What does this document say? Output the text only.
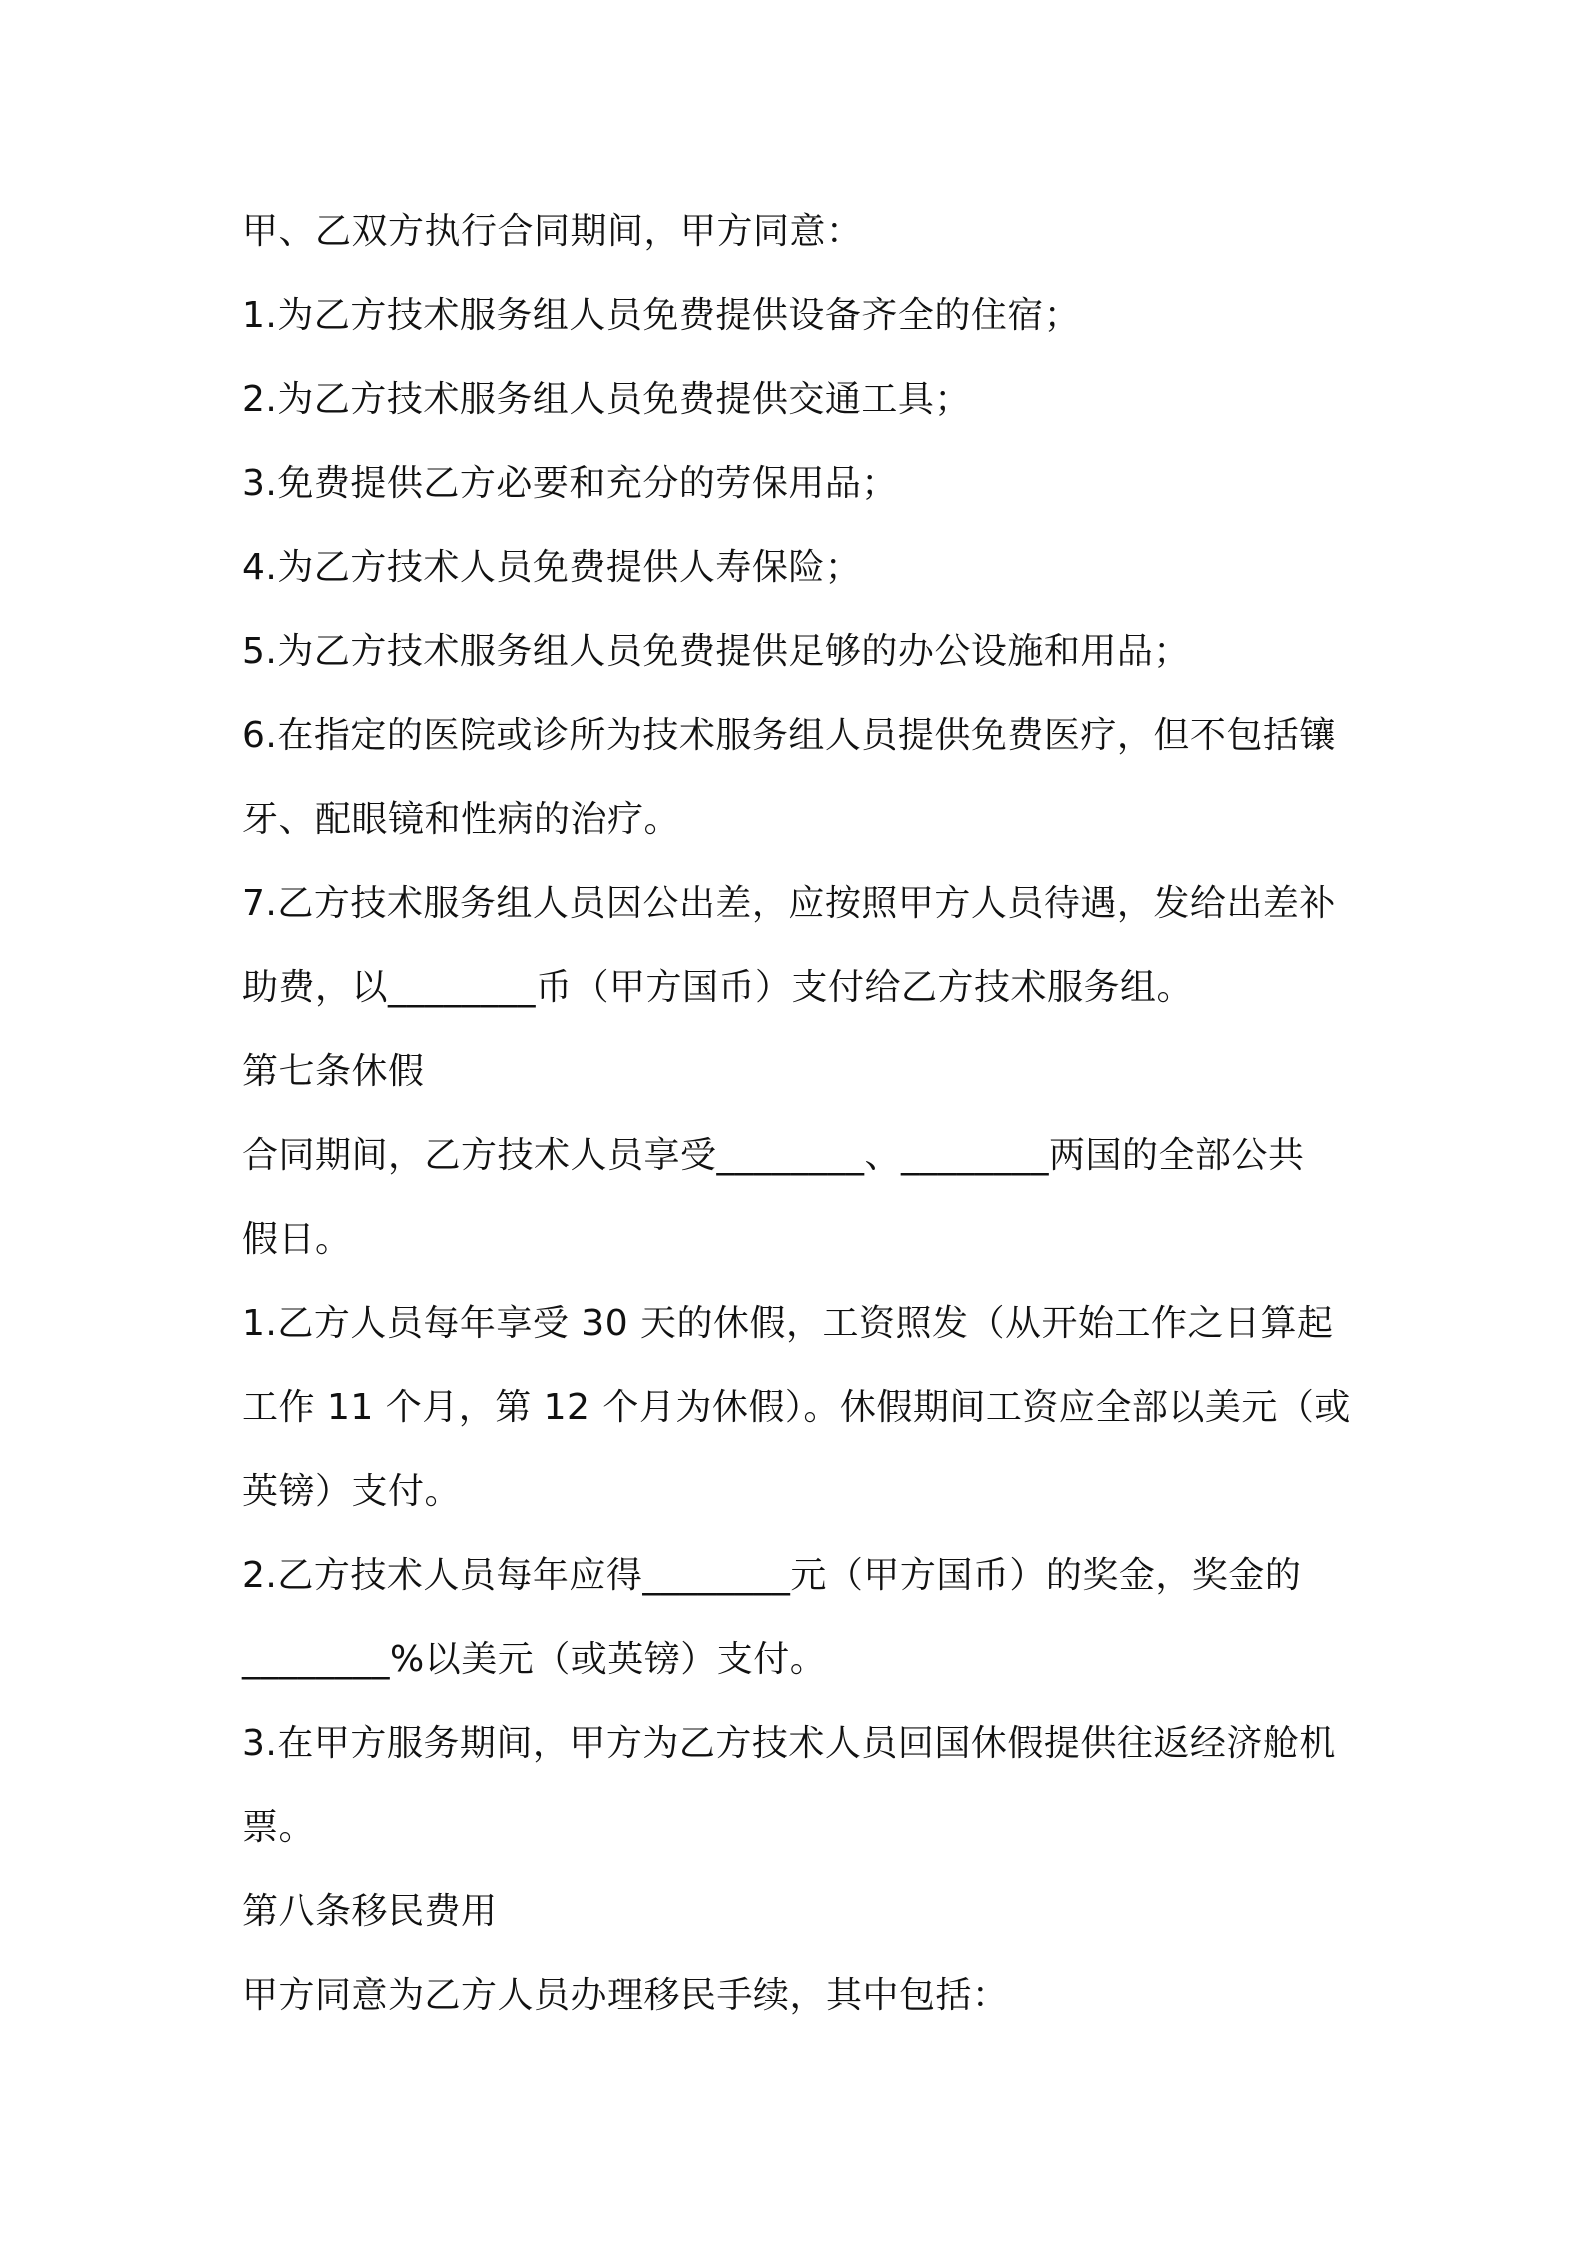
甲、乙双方执行合同期间，甲方同意：
1.为乙方技术服务组人员免费提供设备齐全的住宿；
2.为乙方技术服务组人员免费提供交通工具；
3.免费提供乙方必要和充分的劳保用品；
4.为乙方技术人员免费提供人寿保险；
5.为乙方技术服务组人员免费提供足够的办公设施和用品；
6.在指定的医院或诊所为技术服务组人员提供免费医疗，但不包括镶
牙、配眼镜和性病的治疗。
7.乙方技术服务组人员因公出差，应按照甲方人员待遇，发给出差补
助费，以________币（甲方国币）支付给乙方技术服务组。
第七条休假
合同期间，乙方技术人员享受________、________两国的全部公共
假日。
1.乙方人员每年享受 30 天的休假，工资照发（从开始工作之日算起
工作 11 个月，第 12 个月为休假）。休假期间工资应全部以美元（或
英镑）支付。
2.乙方技术人员每年应得________元（甲方国币）的奖金，奖金的
________%以美元（或英镑）支付。
3.在甲方服务期间，甲方为乙方技术人员回国休假提供往返经济舱机
票。
第八条移民费用
甲方同意为乙方人员办理移民手续，其中包括：
